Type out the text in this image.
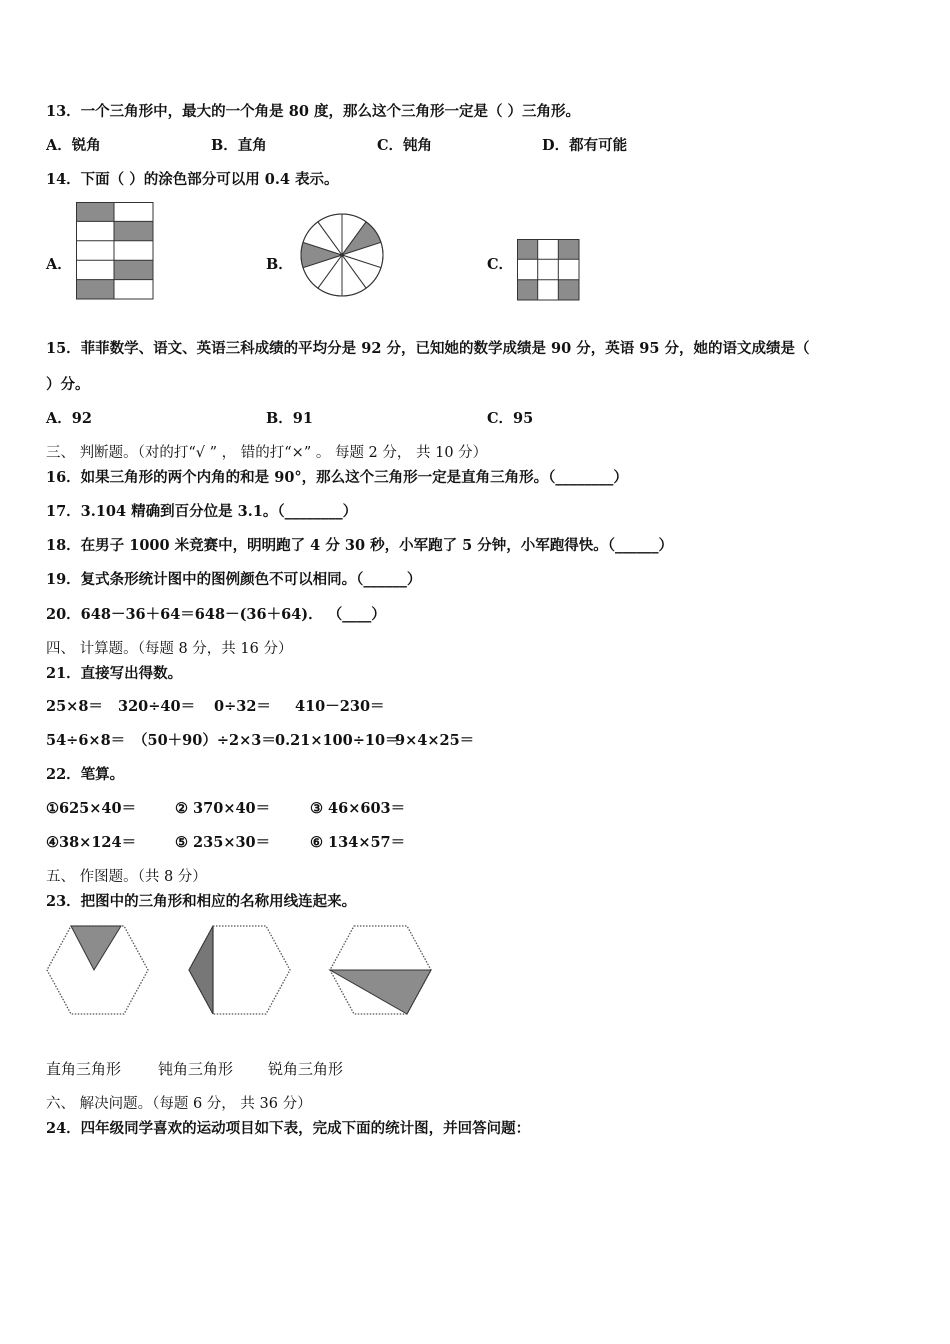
13．一个三角形中，最大的一个角是 80 度，那么这个三角形一定是（ ）三角形。
A．锐角	B．直角	C．钝角	D．都有可能
14．下面（ ）的涂色部分可以用 0.4 表示。
A．	B．	C．
15．菲菲数学、语文、英语三科成绩的平均分是 92 分，已知她的数学成绩是 90 分，英语 95 分，她的语文成绩是（
）分。
A．92	B．91	C．95
三、 判断题。（对的打“√ ” ， 错的打“×” 。 每题 2 分， 共 10 分）
16．如果三角形的两个内角的和是 90°，那么这个三角形一定是直角三角形。（________）
17．3.104 精确到百分位是 3.1。（________）
18．在男子 1000 米竞赛中，明明跑了 4 分 30 秒，小军跑了 5 分钟，小军跑得快。（______）
19．复式条形统计图中的图例颜色不可以相同。（______）
20．648－36＋64＝648－(36＋64)． （____）
四、 计算题。（每题 8 分，共 16 分）
21．直接写出得数。
25×8＝ 320÷40＝ 0÷32＝ 410－230＝
54÷6×8＝ （50＋90）÷2×3＝ 0.21×100÷10＝
9×4×25＝
22．笔算。
①625×40＝	② 370×40＝	③ 46×603＝
④38×124＝	⑤ 235×30＝	⑥ 134×57＝
五、 作图题。（共 8 分）
23．把图中的三角形和相应的名称用线连起来。
直角三角形 钝角三角形 锐角三角形
六、 解决问题。（每题 6 分， 共 36 分）
24．四年级同学喜欢的运动项目如下表，完成下面的统计图，并回答问题：
